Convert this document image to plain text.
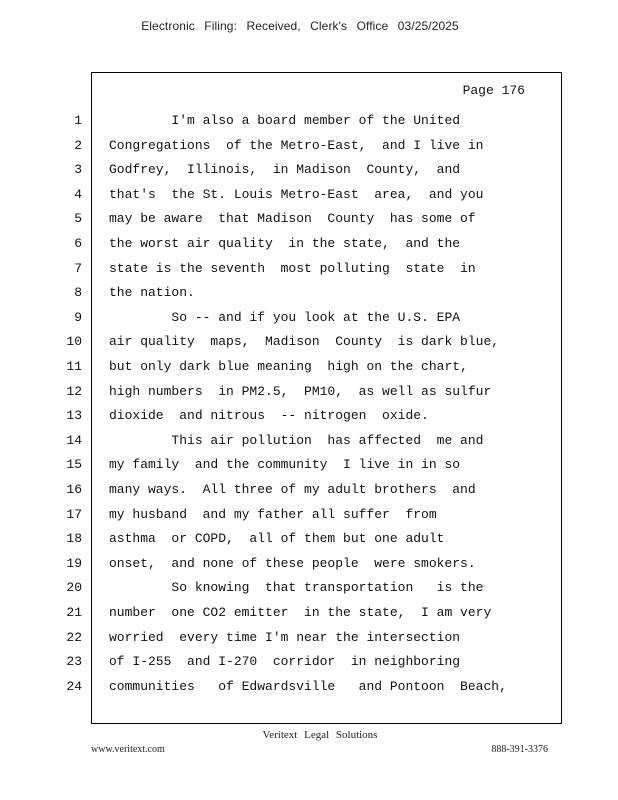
Electronic Filing: Received, Clerk's Office 03/25/2025
Page 176
1 I'm also a board member of the United
2 Congregations  of the Metro-East,  and I live in
3 Godfrey,  Illinois,  in Madison  County,  and
4 that's  the St. Louis Metro-East  area,  and you
5 may be aware  that Madison  County  has some of
6 the worst air quality  in the state,  and the
7 state is the seventh  most polluting  state  in
8 the nation.
9 So -- and if you look at the U.S. EPA
10 air quality  maps,  Madison  County  is dark blue,
11 but only dark blue meaning  high on the chart,
12 high numbers  in PM2.5,  PM10,  as well as sulfur
13 dioxide  and nitrous  -- nitrogen  oxide.
14 This air pollution  has affected  me and
15 my family  and the community  I live in in so
16 many ways.  All three of my adult brothers  and
17 my husband  and my father all suffer  from
18 asthma  or COPD,  all of them but one adult
19 onset,  and none of these people  were smokers.
20 So knowing  that transportation   is the
21 number  one CO2 emitter  in the state,  I am very
22 worried  every time I'm near the intersection
23 of I-255  and I-270  corridor  in neighboring
24 communities   of Edwardsville   and Pontoon  Beach,
Veritext Legal Solutions
www.veritext.com	888-391-3376
